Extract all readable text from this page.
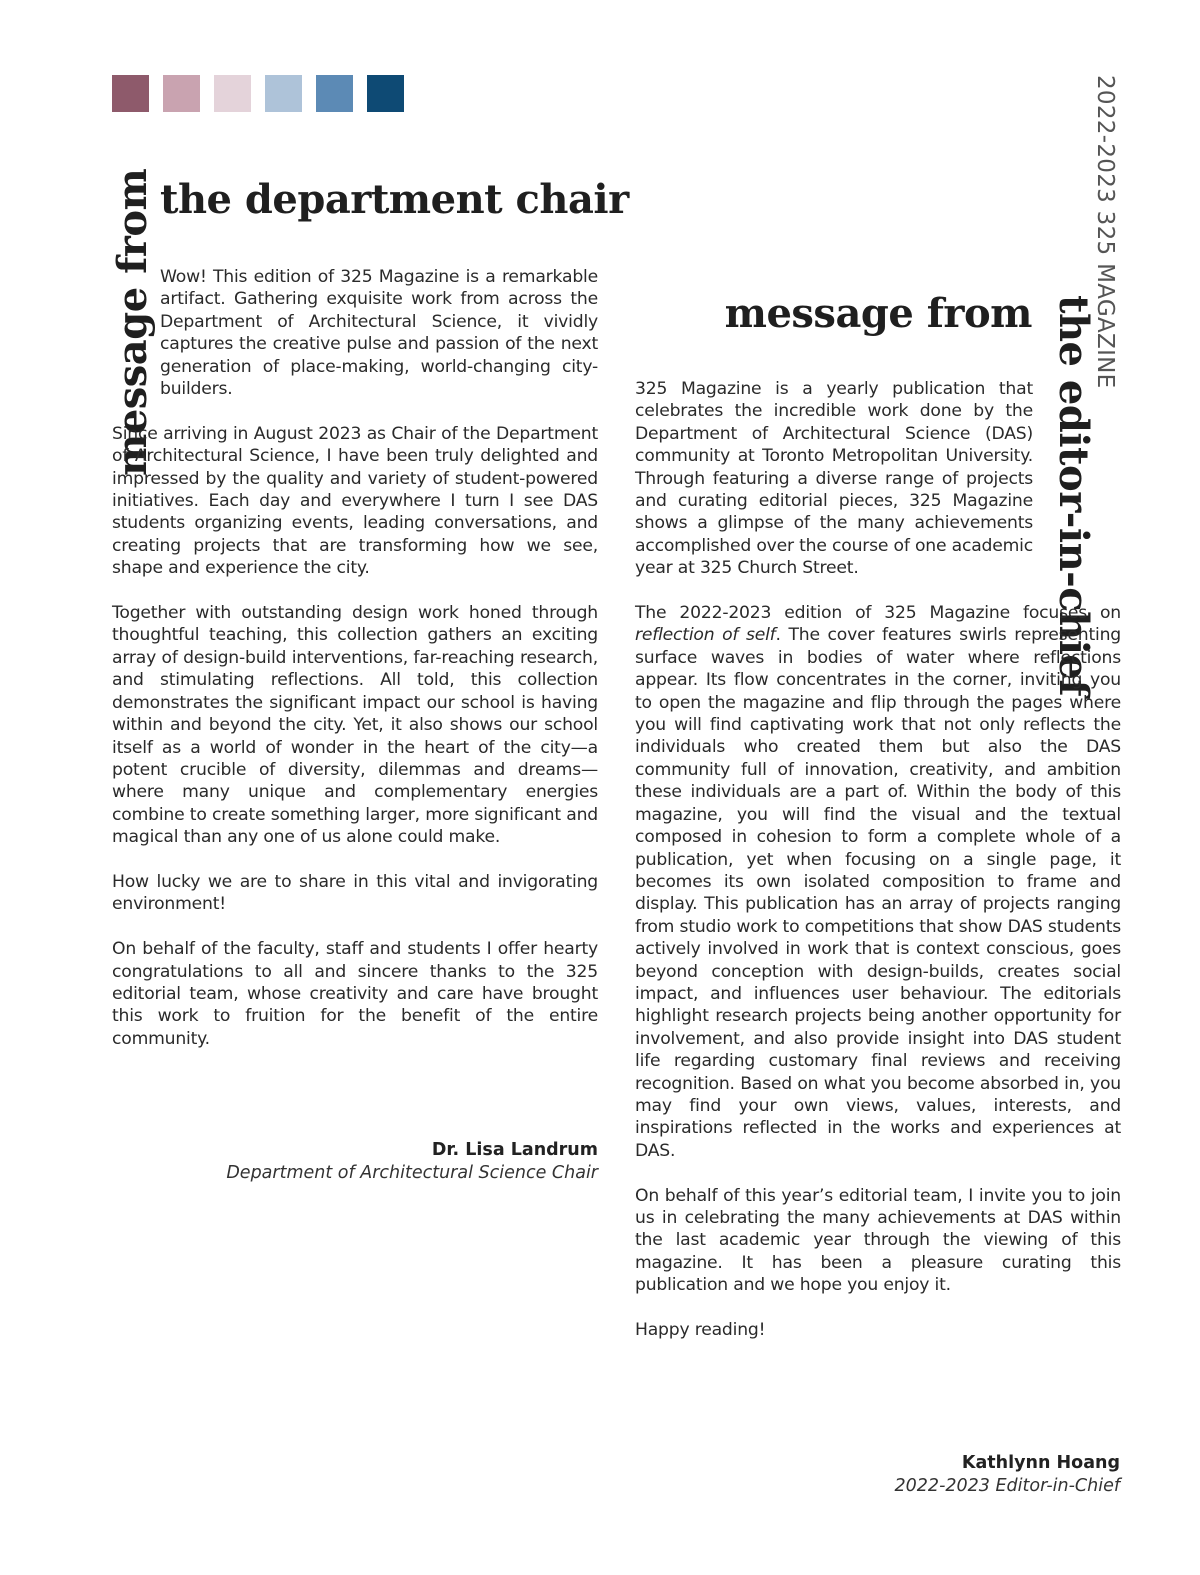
message from the department chair

Wow! This edition of 325 Magazine is a remarkable artifact. Gathering exquisite work from across the Department of Architectural Science, it vividly captures the creative pulse and passion of the next generation of place-making, world-changing city-builders.

Since arriving in August 2023 as Chair of the Department of Architectural Science, I have been truly delighted and impressed by the quality and variety of student-powered initiatives. Each day and everywhere I turn I see DAS students organizing events, leading conversations, and creating projects that are transforming how we see, shape and experience the city.

Together with outstanding design work honed through thoughtful teaching, this collection gathers an exciting array of design-build interventions, far-reaching research, and stimulating reflections. All told, this collection demonstrates the significant impact our school is having within and beyond the city. Yet, it also shows our school itself as a world of wonder in the heart of the city—a potent crucible of diversity, dilemmas and dreams—where many unique and complementary energies combine to create something larger, more significant and magical than any one of us alone could make.

How lucky we are to share in this vital and invigorating environment!

On behalf of the faculty, staff and students I offer hearty congratulations to all and sincere thanks to the 325 editorial team, whose creativity and care have brought this work to fruition for the benefit of the entire community.

Dr. Lisa Landrum
Department of Architectural Science Chair
2022-2023 325 MAGAZINE
message from the editor-in-chief

325 Magazine is a yearly publication that celebrates the incredible work done by the Department of Architectural Science (DAS) community at Toronto Metropolitan University. Through featuring a diverse range of projects and curating editorial pieces, 325 Magazine shows a glimpse of the many achievements accomplished over the course of one academic year at 325 Church Street.

The 2022-2023 edition of 325 Magazine focuses on reflection of self. The cover features swirls representing surface waves in bodies of water where reflections appear. Its flow concentrates in the corner, inviting you to open the magazine and flip through the pages where you will find captivating work that not only reflects the individuals who created them but also the DAS community full of innovation, creativity, and ambition these individuals are a part of. Within the body of this magazine, you will find the visual and the textual composed in cohesion to form a complete whole of a publication, yet when focusing on a single page, it becomes its own isolated composition to frame and display. This publication has an array of projects ranging from studio work to competitions that show DAS students actively involved in work that is context conscious, goes beyond conception with design-builds, creates social impact, and influences user behaviour. The editorials highlight research projects being another opportunity for involvement, and also provide insight into DAS student life regarding customary final reviews and receiving recognition. Based on what you become absorbed in, you may find your own views, values, interests, and inspirations reflected in the works and experiences at DAS.

On behalf of this year’s editorial team, I invite you to join us in celebrating the many achievements at DAS within the last academic year through the viewing of this magazine. It has been a pleasure curating this publication and we hope you enjoy it.

Happy reading!

Kathlynn Hoang
2022-2023 Editor-in-Chief
